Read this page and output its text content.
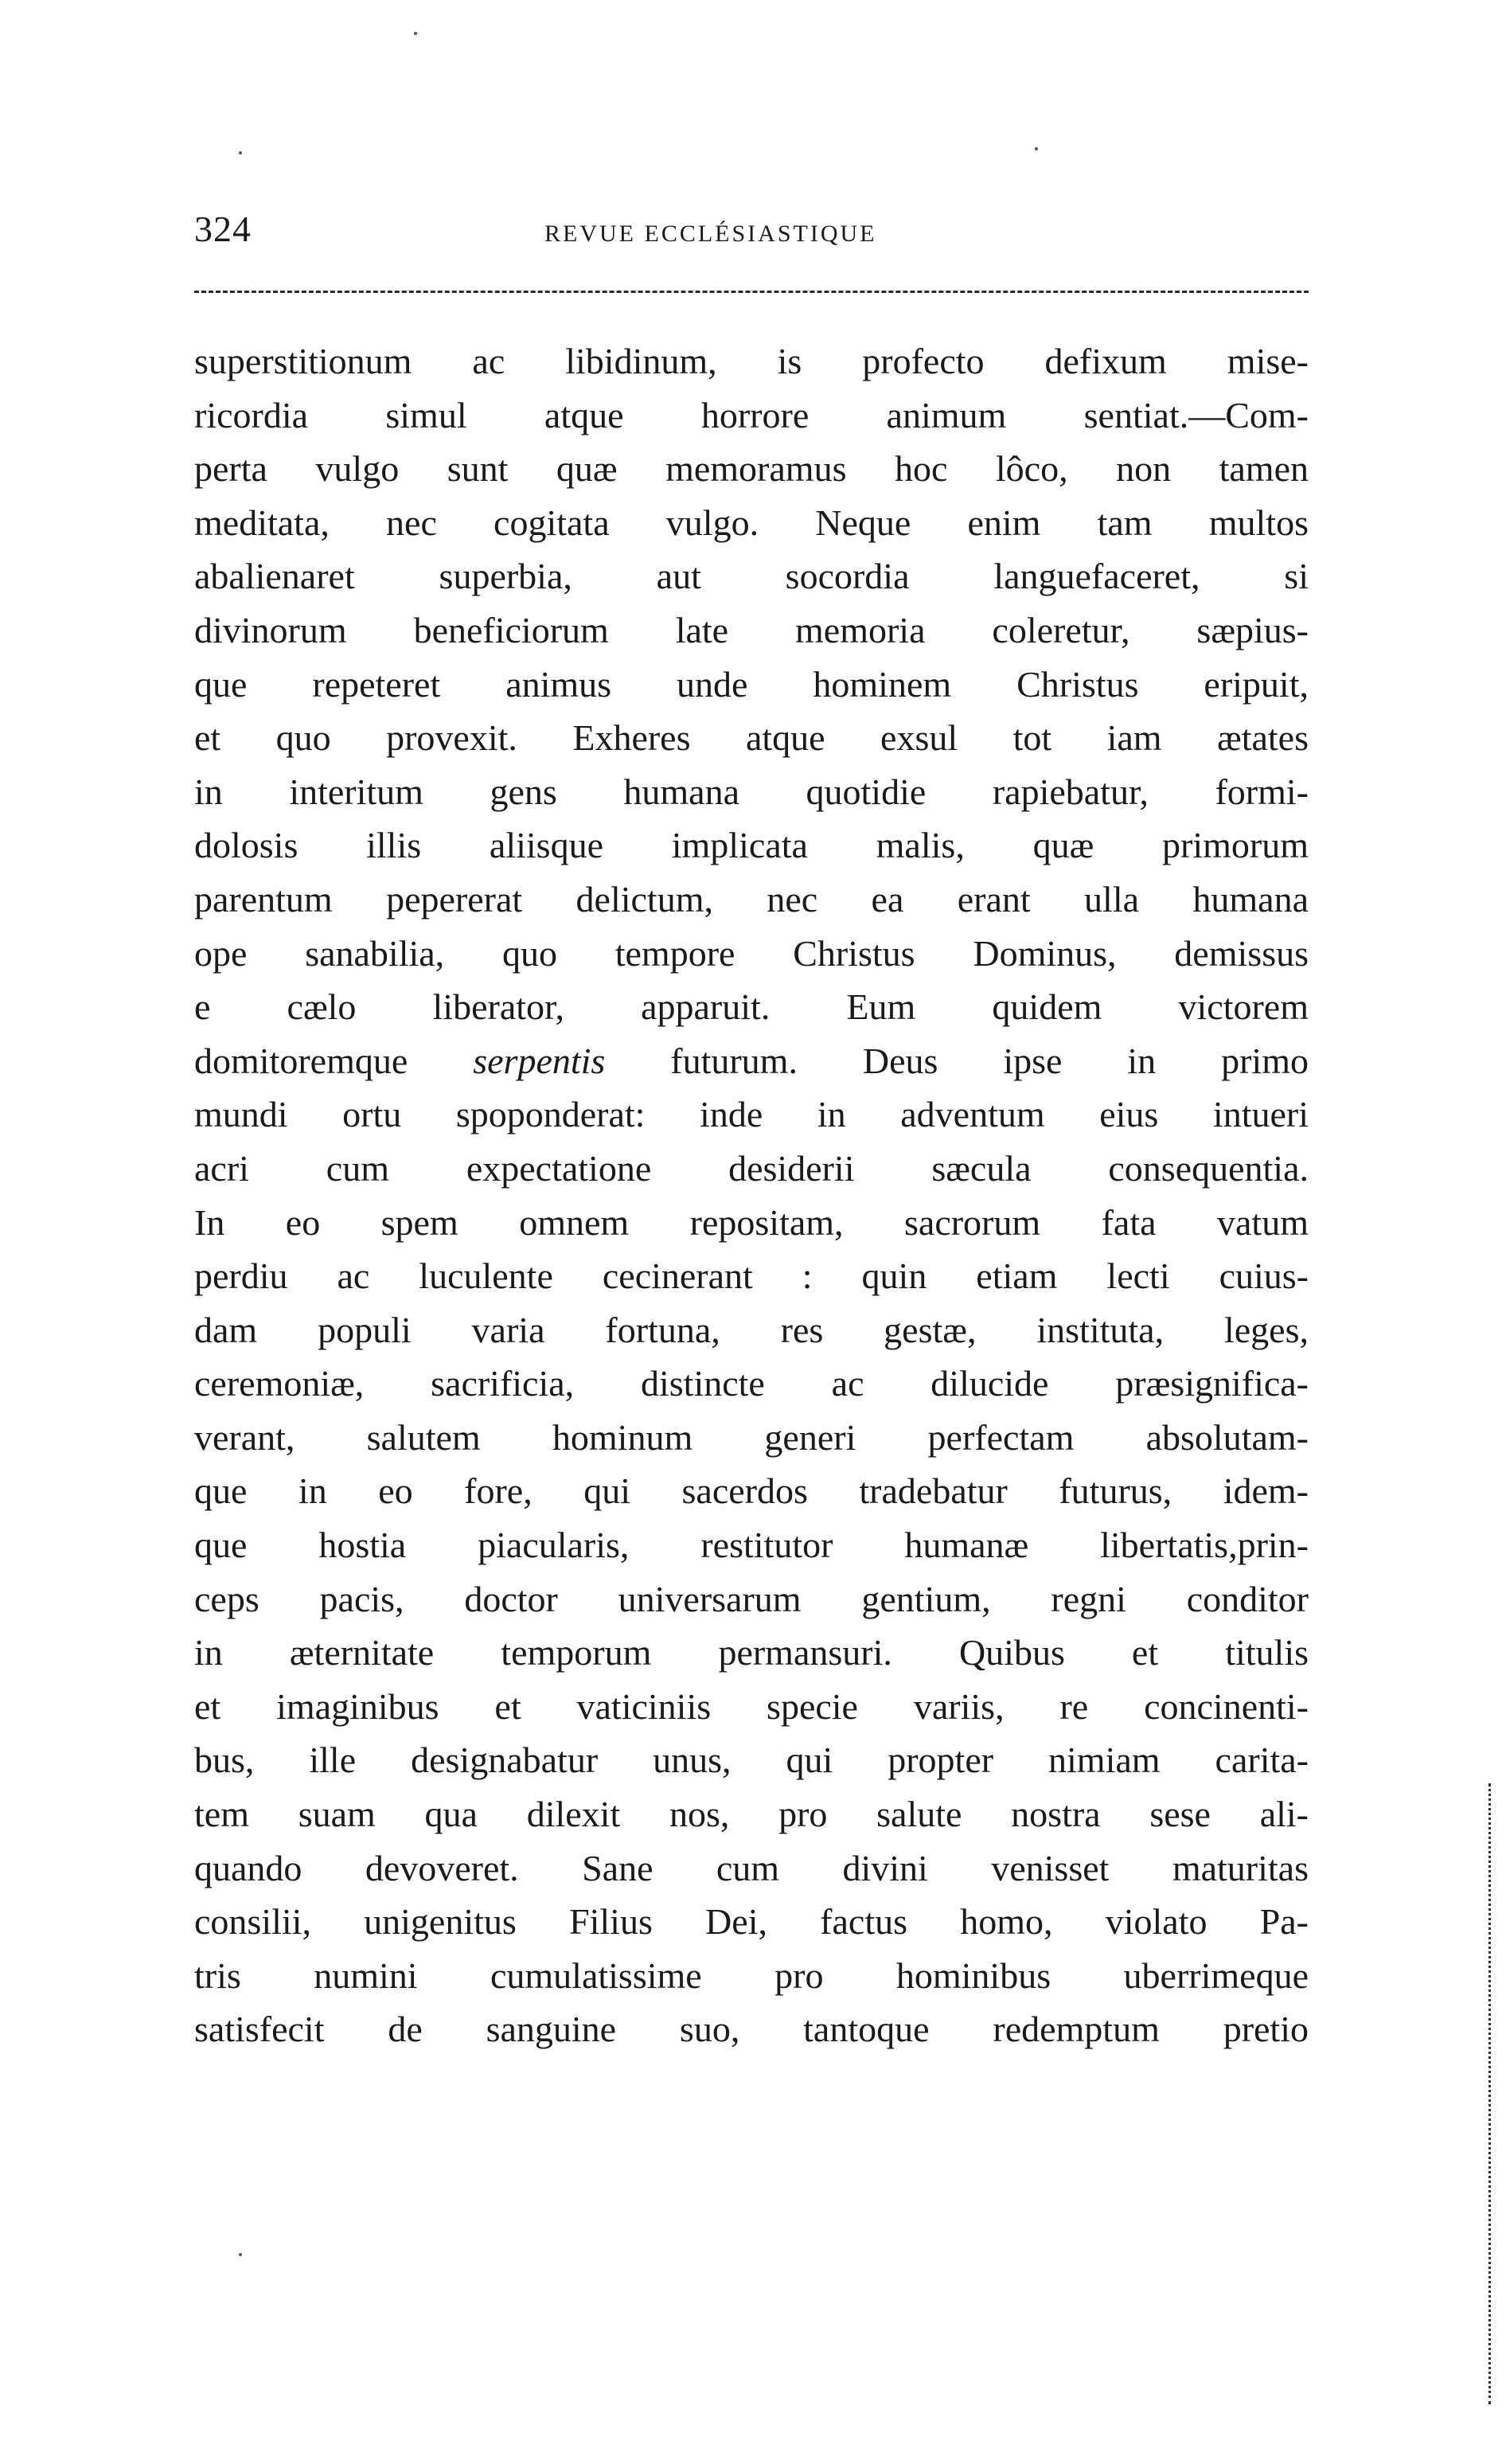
324	REVUE ECCLÉSIASTIQUE
superstitionum ac libidinum, is profecto defixum mise-
ricordia simul atque horrore animum sentiat.—Com-
perta vulgo sunt quæ memoramus hoc lôco, non tamen
meditata, nec cogitata vulgo. Neque enim tam multos
abalienaret superbia, aut socordia languefaceret, si
divinorum beneficiorum late memoria coleretur, sæpius-
que repeteret animus unde hominem Christus eripuit,
et quo provexit. Exheres atque exsul tot iam ætates
in interitum gens humana quotidie rapiebatur, formi-
dolosis illis aliisque implicata malis, quæ primorum
parentum pepererat delictum, nec ea erant ulla humana
ope sanabilia, quo tempore Christus Dominus, demissus
e cælo liberator, apparuit. Eum quidem victorem
domitoremque serpentis futurum. Deus ipse in primo
mundi ortu spoponderat: inde in adventum eius intueri
acri cum expectatione desiderii sæcula consequentia.
In eo spem omnem repositam, sacrorum fata vatum
perdiu ac luculente cecinerant : quin etiam lecti cuius-
dam populi varia fortuna, res gestæ, instituta, leges,
ceremoniæ, sacrificia, distincte ac dilucide præsignifica-
verant, salutem hominum generi perfectam absolutam-
que in eo fore, qui sacerdos tradebatur futurus, idem-
que hostia piacularis, restitutor humanæ libertatis,prin-
ceps pacis, doctor universarum gentium, regni conditor
in æternitate temporum permansuri. Quibus et titulis
et imaginibus et vaticiniis specie variis, re concinenti-
bus, ille designabatur unus, qui propter nimiam carita-
tem suam qua dilexit nos, pro salute nostra sese ali-
quando devoveret. Sane cum divini venisset maturitas
consilii, unigenitus Filius Dei, factus homo, violato Pa-
tris numini cumulatissime pro hominibus uberrimeque
satisfecit de sanguine suo, tantoque redemptum pretio
